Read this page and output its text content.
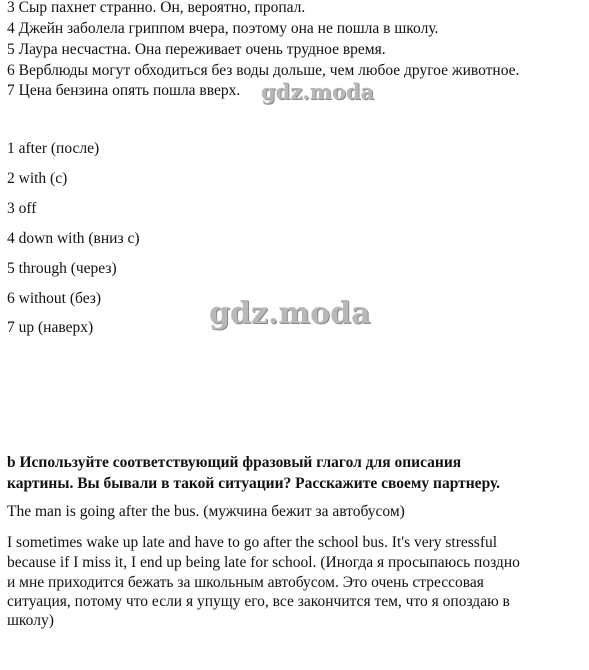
3 Сыр пахнет странно. Он, вероятно, пропал.
4 Джейн заболела гриппом вчера, поэтому она не пошла в школу.
5 Лаура несчастна. Она переживает очень трудное время.
6 Верблюды могут обходиться без воды дольше, чем любое другое животное.
7 Цена бензина опять пошла вверх. gdz.moda
1 after (после)
2 with (с)
3 off
4 down with (вниз с)
5 through (через)
6 without (без)
7 up (наверх)	gdz.moda
b Используйте соответствующий фразовый глагол для описания
картины. Вы бывали в такой ситуации? Расскажите своему партнеру.
The man is going after the bus. (мужчина бежит за автобусом)
I sometimes wake up late and have to go after the school bus. It's very stressful
because if I miss it, I end up being late for school. (Иногда я просыпаюсь поздно
и мне приходится бежать за школьным автобусом. Это очень стрессовая
ситуация, потому что если я упущу его, все закончится тем, что я опоздаю в
школу)
